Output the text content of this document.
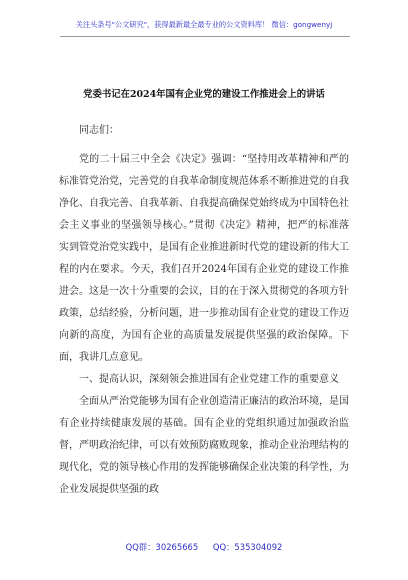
关注头条号"公文研究"，获得最新最全最专业的公文资料库！ 微信：gongwenyj
党委书记在2024年国有企业党的建设工作推进会上的讲话

同志们：

党的二十届三中全会《决定》强调：“坚持用改革精神和严的标准管党治党，完善党的自我革命制度规范体系不断推进党的自我净化、自我完善、自我革新、自我提高确保党始终成为中国特色社会主义事业的坚强领导核心。”贯彻《决定》精神，把严的标准落实到管党治党实践中，是国有企业推进新时代党的建设新的伟大工程的内在要求。今天，我们召开2024年国有企业党的建设工作推进会。这是一次十分重要的会议，目的在于深入贯彻党的各项方针政策，总结经验，分析问题，进一步推动国有企业党的建设工作迈向新的高度，为国有企业的高质量发展提供坚强的政治保障。下面，我讲几点意见。

一、提高认识，深刻领会推进国有企业党建工作的重要意义

全面从严治党能够为国有企业创造清正廉洁的政治环境，是国有企业持续健康发展的基础。国有企业的党组织通过加强政治监督，严明政治纪律，可以有效预防腐败现象，推动企业治理结构的现代化，党的领导核心作用的发挥能够确保企业决策的科学性，为企业发展提供坚强的政

QQ群：30265665 QQ：535304092
